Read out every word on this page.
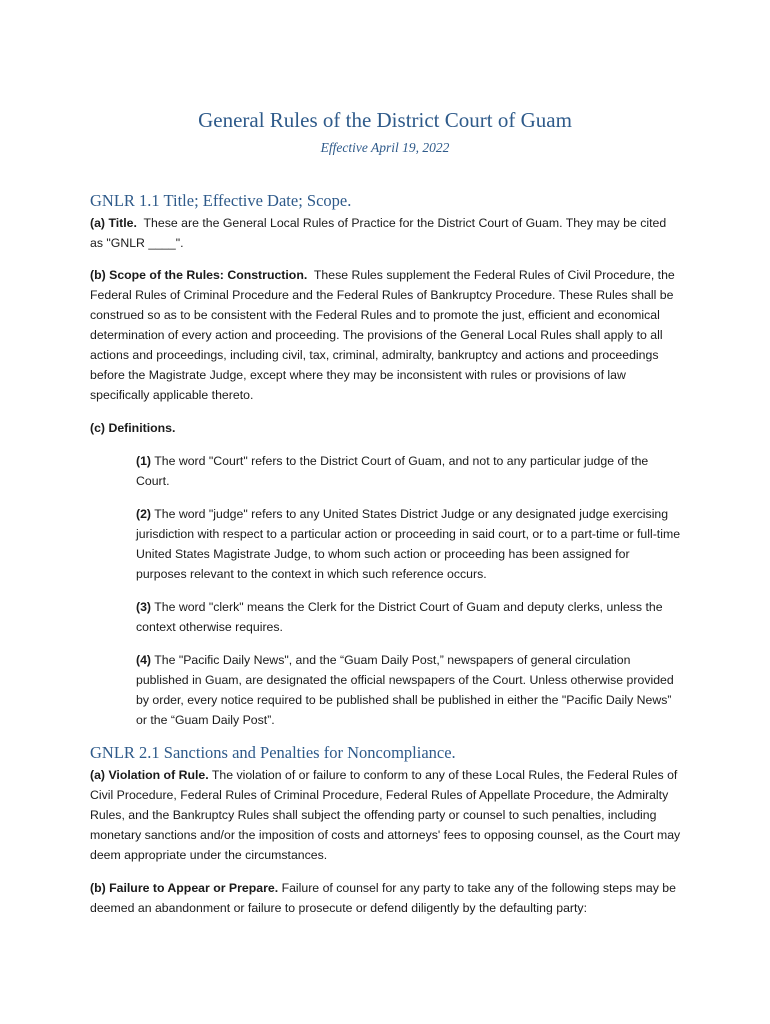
General Rules of the District Court of Guam

Effective April 19, 2022

GNLR 1.1 Title; Effective Date; Scope.

(a) Title. These are the General Local Rules of Practice for the District Court of Guam. They may be cited as "GNLR ____".

(b) Scope of the Rules: Construction. These Rules supplement the Federal Rules of Civil Procedure, the Federal Rules of Criminal Procedure and the Federal Rules of Bankruptcy Procedure. These Rules shall be construed so as to be consistent with the Federal Rules and to promote the just, efficient and economical determination of every action and proceeding. The provisions of the General Local Rules shall apply to all actions and proceedings, including civil, tax, criminal, admiralty, bankruptcy and actions and proceedings before the Magistrate Judge, except where they may be inconsistent with rules or provisions of law specifically applicable thereto.

(c) Definitions.

(1) The word "Court" refers to the District Court of Guam, and not to any particular judge of the Court.

(2) The word "judge" refers to any United States District Judge or any designated judge exercising jurisdiction with respect to a particular action or proceeding in said court, or to a part-time or full-time United States Magistrate Judge, to whom such action or proceeding has been assigned for purposes relevant to the context in which such reference occurs.

(3) The word "clerk" means the Clerk for the District Court of Guam and deputy clerks, unless the context otherwise requires.

(4) The "Pacific Daily News", and the “Guam Daily Post,” newspapers of general circulation published in Guam, are designated the official newspapers of the Court. Unless otherwise provided by order, every notice required to be published shall be published in either the "Pacific Daily News” or the “Guam Daily Post”.

GNLR 2.1 Sanctions and Penalties for Noncompliance.

(a) Violation of Rule. The violation of or failure to conform to any of these Local Rules, the Federal Rules of Civil Procedure, Federal Rules of Criminal Procedure, Federal Rules of Appellate Procedure, the Admiralty Rules, and the Bankruptcy Rules shall subject the offending party or counsel to such penalties, including monetary sanctions and/or the imposition of costs and attorneys' fees to opposing counsel, as the Court may deem appropriate under the circumstances.

(b) Failure to Appear or Prepare. Failure of counsel for any party to take any of the following steps may be deemed an abandonment or failure to prosecute or defend diligently by the defaulting party:
